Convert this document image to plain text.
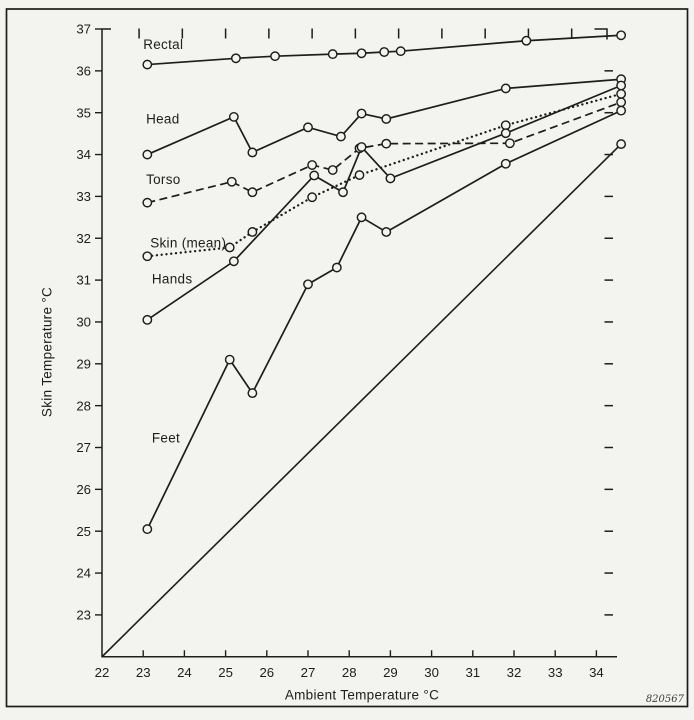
23
24
25
26
27
28
29
30
31
32
33
34
35
36
37
22 23 24 25 26 27 28 29 30 31 32 33 34
Rectal
Head
Torso
Skin (mean)
Hands
Feet
Skin Temperature °C
Ambient Temperature °C	820567
